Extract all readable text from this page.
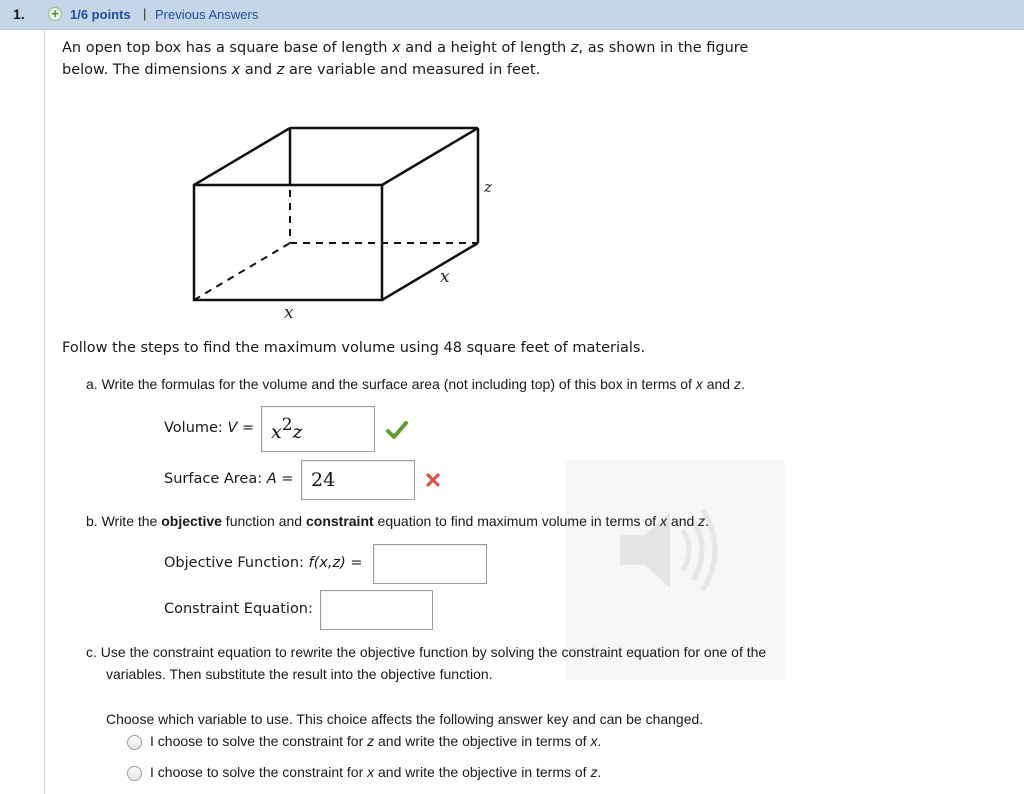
1. + 1/6 points | Previous Answers
An open top box has a square base of length x and a height of length z, as shown in the figure
below. The dimensions x and z are variable and measured in feet.
x
x
z
Follow the steps to find the maximum volume using 48 square feet of materials.
a. Write the formulas for the volume and the surface area (not including top) of this box in terms of x and z.
Volume: $V = x^2z$
Surface Area: A = 24
b. Write the objective function and constraint equation to find maximum volume in terms of x and z.
Objective Function: f(x,z) =
Constraint Equation:
c. Use the constraint equation to rewrite the objective function by solving the constraint equation for one of the
variables. Then substitute the result into the objective function.
Choose which variable to use. This choice affects the following answer key and can be changed.
I choose to solve the constraint for z and write the objective in terms of x.
I choose to solve the constraint for x and write the objective in terms of z.
